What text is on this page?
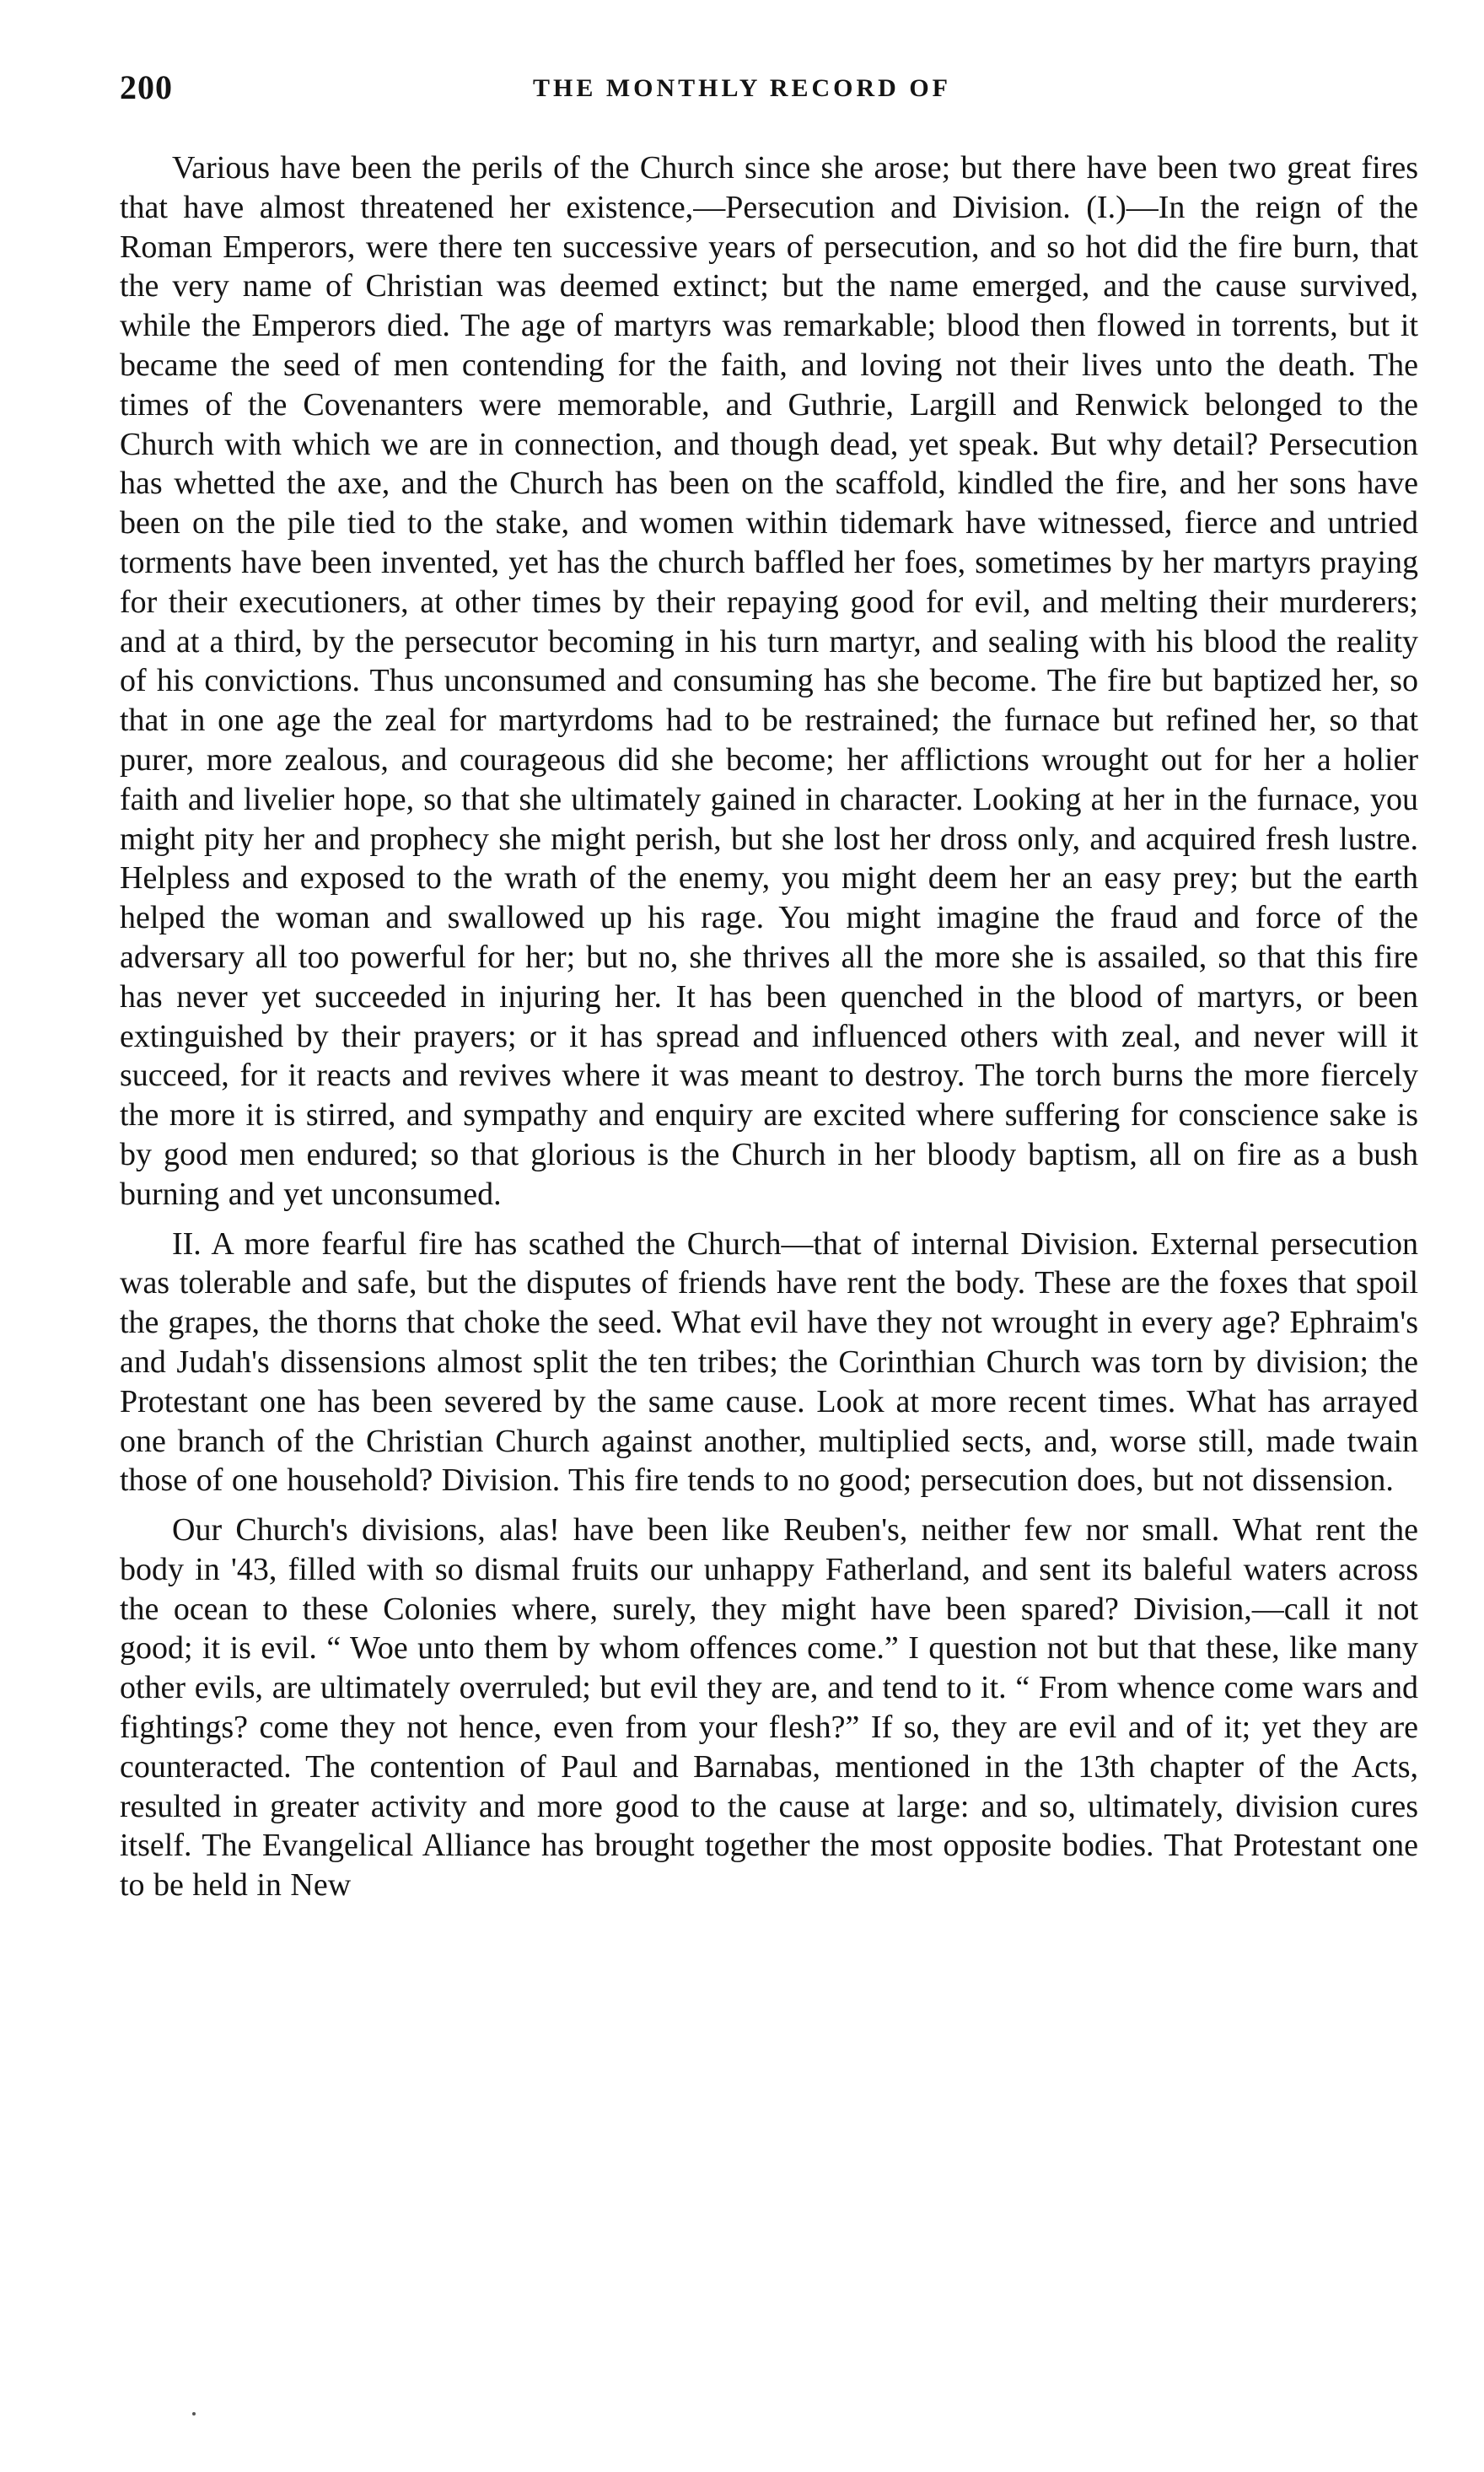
200	THE MONTHLY RECORD OF

Various have been the perils of the Church since she arose; but there have been two great fires that have almost threatened her existence,—Persecution and Division. (I.)—In the reign of the Roman Emperors, were there ten successive years of persecution, and so hot did the fire burn, that the very name of Christian was deemed extinct; but the name emerged, and the cause survived, while the Emperors died. The age of martyrs was remarkable; blood then flowed in torrents, but it became the seed of men contending for the faith, and loving not their lives unto the death. The times of the Covenanters were memorable, and Guthrie, Largill and Renwick belonged to the Church with which we are in connection, and though dead, yet speak. But why detail? Persecution has whetted the axe, and the Church has been on the scaffold, kindled the fire, and her sons have been on the pile tied to the stake, and women within tidemark have witnessed, fierce and untried torments have been invented, yet has the church baffled her foes, sometimes by her martyrs praying for their executioners, at other times by their repaying good for evil, and melting their murderers; and at a third, by the persecutor becoming in his turn martyr, and sealing with his blood the reality of his convictions. Thus unconsumed and consuming has she become. The fire but baptized her, so that in one age the zeal for martyrdoms had to be restrained; the furnace but refined her, so that purer, more zealous, and courageous did she become; her afflictions wrought out for her a holier faith and livelier hope, so that she ultimately gained in character. Looking at her in the furnace, you might pity her and prophecy she might perish, but she lost her dross only, and acquired fresh lustre. Helpless and exposed to the wrath of the enemy, you might deem her an easy prey; but the earth helped the woman and swallowed up his rage. You might imagine the fraud and force of the adversary all too powerful for her; but no, she thrives all the more she is assailed, so that this fire has never yet succeeded in injuring her. It has been quenched in the blood of martyrs, or been extinguished by their prayers; or it has spread and influenced others with zeal, and never will it succeed, for it reacts and revives where it was meant to destroy. The torch burns the more fiercely the more it is stirred, and sympathy and enquiry are excited where suffering for conscience sake is by good men endured; so that glorious is the Church in her bloody baptism, all on fire as a bush burning and yet unconsumed.

II. A more fearful fire has scathed the Church—that of internal Division. External persecution was tolerable and safe, but the disputes of friends have rent the body. These are the foxes that spoil the grapes, the thorns that choke the seed. What evil have they not wrought in every age? Ephraim's and Judah's dissensions almost split the ten tribes; the Corinthian Church was torn by division; the Protestant one has been severed by the same cause. Look at more recent times. What has arrayed one branch of the Christian Church against another, multiplied sects, and, worse still, made twain those of one household? Division. This fire tends to no good; persecution does, but not dissension.

Our Church's divisions, alas! have been like Reuben's, neither few nor small. What rent the body in '43, filled with so dismal fruits our unhappy Fatherland, and sent its baleful waters across the ocean to these Colonies where, surely, they might have been spared? Division,—call it not good; it is evil. “ Woe unto them by whom offences come.” I question not but that these, like many other evils, are ultimately overruled; but evil they are, and tend to it. “ From whence come wars and fightings? come they not hence, even from your flesh?” If so, they are evil and of it; yet they are counteracted. The contention of Paul and Barnabas, mentioned in the 13th chapter of the Acts, resulted in greater activity and more good to the cause at large: and so, ultimately, division cures itself. The Evangelical Alliance has brought together the most opposite bodies. That Protestant one to be held in New
